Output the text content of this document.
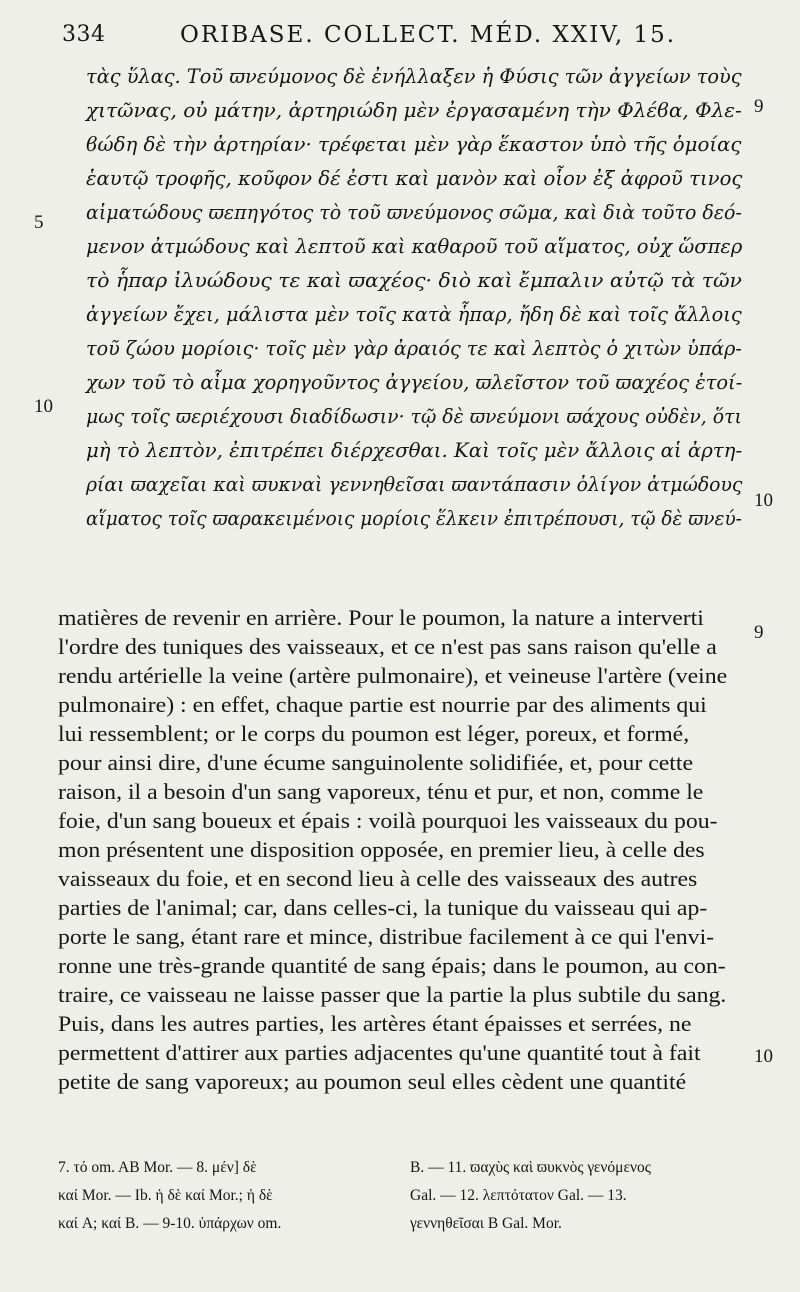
334	ORIBASE. COLLECT. MÉD. XXIV, 15.
τὰς ὕλας. Τοῦ ϖνεύμονος δὲ ἐνήλλαξεν ἡ Φύσις τῶν ἀγγείων τοὺς
χιτῶνας, οὐ μάτην, ἀρτηριώδη μὲν ἐργασαμένη τὴν Φλέϐα, Φλε-
ϐώδη δὲ τὴν ἀρτηρίαν· τρέφεται μὲν γὰρ ἕκαστον ὑπὸ τῆς ὁμοίας
ἑαυτῷ τροφῆς, κοῦφον δέ ἐστι καὶ μανὸν καὶ οἷον ἐξ ἀφροῦ τινος
αἱματώδους ϖεπηγότος τὸ τοῦ ϖνεύμονος σῶμα, καὶ διὰ τοῦτο δεό-
μενον ἀτμώδους καὶ λεπτοῦ καὶ καθαροῦ τοῦ αἵματος, οὐχ ὥσπερ
τὸ ἧπαρ ἰλυώδους τε καὶ ϖαχέος· διὸ καὶ ἔμπαλιν αὐτῷ τὰ τῶν
ἀγγείων ἔχει, μάλιστα μὲν τοῖς κατὰ ἧπαρ, ἤδη δὲ καὶ τοῖς ἄλλοις
τοῦ ζώου μορίοις· τοῖς μὲν γὰρ ἀραιός τε καὶ λεπτὸς ὁ χιτὼν ὑπάρ-
χων τοῦ τὸ αἷμα χορηγοῦντος ἀγγείου, ϖλεῖστον τοῦ ϖαχέος ἑτοί-
μως τοῖς ϖεριέχουσι διαδίδωσιν· τῷ δὲ ϖνεύμονι ϖάχους οὐδὲν, ὅτι
μὴ τὸ λεπτὸν, ἐπιτρέπει διέρχεσθαι. Καὶ τοῖς μὲν ἄλλοις αἱ ἀρτη-
ρίαι ϖαχεῖαι καὶ ϖυκναὶ γεννηθεῖσαι ϖαντάπασιν ὀλίγον ἀτμώδους
αἵματος τοῖς ϖαρακειμένοις μορίοις ἕλκειν ἐπιτρέπουσι, τῷ δὲ ϖνεύ-
9
5
10
10
matières de revenir en arrière. Pour le poumon, la nature a interverti
l'ordre des tuniques des vaisseaux, et ce n'est pas sans raison qu'elle a
rendu artérielle la veine (artère pulmonaire), et veineuse l'artère (veine
pulmonaire) : en effet, chaque partie est nourrie par des aliments qui
lui ressemblent; or le corps du poumon est léger, poreux, et formé,
pour ainsi dire, d'une écume sanguinolente solidifiée, et, pour cette
raison, il a besoin d'un sang vaporeux, ténu et pur, et non, comme le
foie, d'un sang boueux et épais : voilà pourquoi les vaisseaux du pou-
mon présentent une disposition opposée, en premier lieu, à celle des
vaisseaux du foie, et en second lieu à celle des vaisseaux des autres
parties de l'animal; car, dans celles-ci, la tunique du vaisseau qui ap-
porte le sang, étant rare et mince, distribue facilement à ce qui l'envi-
ronne une très-grande quantité de sang épais; dans le poumon, au con-
traire, ce vaisseau ne laisse passer que la partie la plus subtile du sang.
Puis, dans les autres parties, les artères étant épaisses et serrées, ne
permettent d'attirer aux parties adjacentes qu'une quantité tout à fait
petite de sang vaporeux; au poumon seul elles cèdent une quantité
9
10
7. τό om. AB Mor. — 8. μέν] δὲ
καί Mor. — Ib. ἡ δὲ καί Mor.; ἡ δὲ
καί A; καί B. — 9-10. ὑπάρχων om.
B. — 11. ϖαχὺς καὶ ϖυκνὸς γενόμενος
Gal. — 12. λεπτότατον Gal. — 13.
γεννηθεῖσαι B Gal. Mor.
